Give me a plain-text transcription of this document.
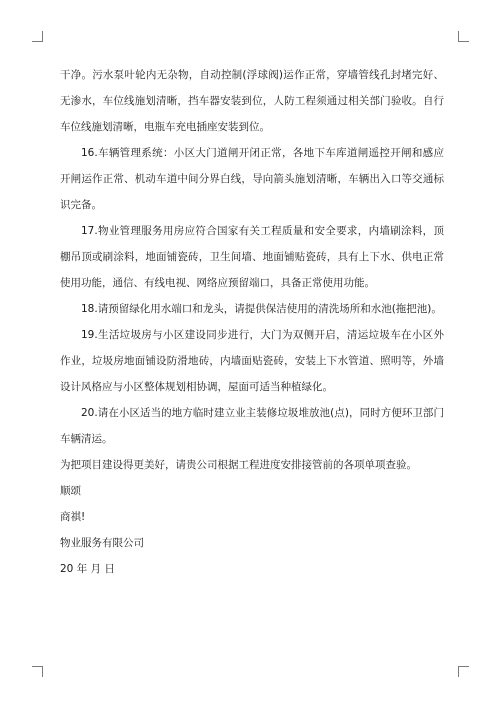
干净。污水泵叶轮内无杂物，自动控制(浮球阀)运作正常，穿墙管线孔封堵完好、无渗水，车位线施划清晰，挡车器安装到位，人防工程须通过相关部门验收。自行车位线施划清晰，电瓶车充电插座安装到位。

16.车辆管理系统：小区大门道闸开闭正常，各地下车库道闸遥控开闸和感应开闸运作正常、机动车道中间分界白线，导向箭头施划清晰，车辆出入口等交通标识完备。

17.物业管理服务用房应符合国家有关工程质量和安全要求，内墙刷涂料，顶棚吊顶或刷涂料，地面铺瓷砖，卫生间墙、地面铺贴瓷砖，具有上下水、供电正常使用功能，通信、有线电视、网络应预留端口，具备正常使用功能。

18.请预留绿化用水端口和龙头，请提供保洁使用的清洗场所和水池(拖把池)。

19.生活垃圾房与小区建设同步进行，大门为双侧开启，清运垃圾车在小区外作业，垃圾房地面铺设防滑地砖，内墙面贴瓷砖，安装上下水管道、照明等，外墙设计风格应与小区整体规划相协调，屋面可适当种植绿化。

20.请在小区适当的地方临时建立业主装修垃圾堆放池(点)，同时方便环卫部门车辆清运。

为把项目建设得更美好，请贵公司根据工程进度安排接管前的各项单项查验。

顺颂

商祺!

物业服务有限公司

20 年 月 日
